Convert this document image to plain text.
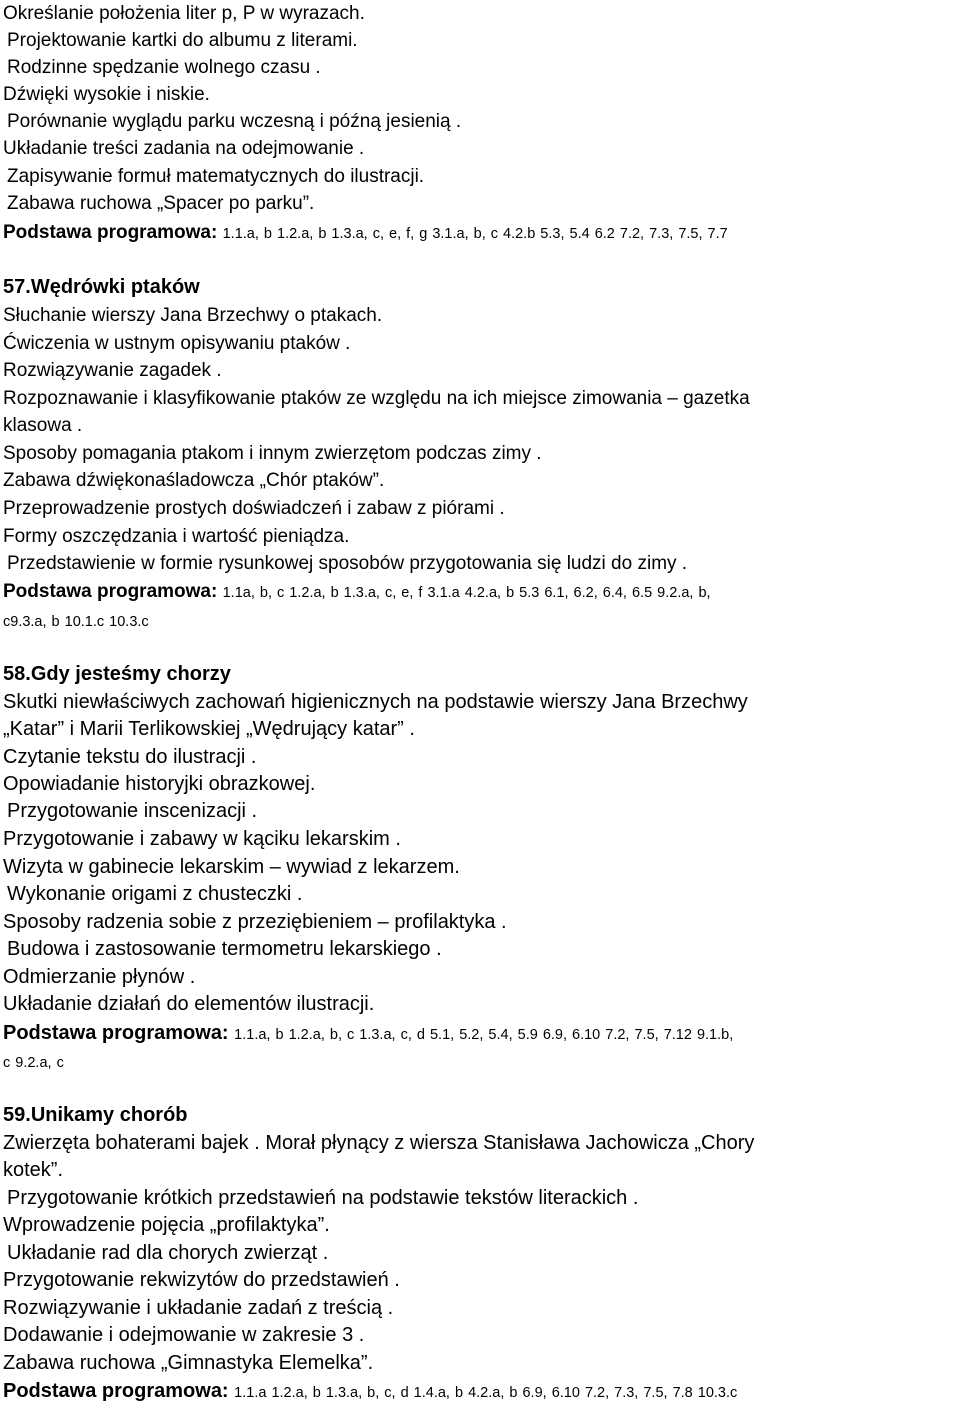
Określanie położenia liter p, P w wyrazach.
Projektowanie kartki do albumu z literami.
Rodzinne spędzanie wolnego czasu .
Dźwięki wysokie i niskie.
Porównanie wyglądu parku wczesną i późną jesienią .
Układanie treści zadania na odejmowanie .
Zapisywanie formuł matematycznych do ilustracji.
Zabawa ruchowa „Spacer po parku”.
Podstawa programowa: 1.1.a, b 1.2.a, b 1.3.a, c, e, f, g 3.1.a, b, c 4.2.b 5.3, 5.4 6.2 7.2, 7.3, 7.5, 7.7
57.Wędrówki ptaków
Słuchanie wierszy Jana Brzechwy o ptakach.
Ćwiczenia w ustnym opisywaniu ptaków .
Rozwiązywanie zagadek .
Rozpoznawanie i klasyfikowanie ptaków ze względu na ich miejsce zimowania – gazetka
klasowa .
Sposoby pomagania ptakom i innym zwierzętom podczas zimy .
Zabawa dźwiękonaśladowcza „Chór ptaków”.
Przeprowadzenie prostych doświadczeń i zabaw z piórami .
Formy oszczędzania i wartość pieniądza.
Przedstawienie w formie rysunkowej sposobów przygotowania się ludzi do zimy .
Podstawa programowa: 1.1a, b, c 1.2.a, b 1.3.a, c, e, f 3.1.a 4.2.a, b 5.3 6.1, 6.2, 6.4, 6.5 9.2.a, b,
c9.3.a, b 10.1.c 10.3.c
58.Gdy jesteśmy chorzy
Skutki niewłaściwych zachowań higienicznych na podstawie wierszy Jana Brzechwy
„Katar” i Marii Terlikowskiej „Wędrujący katar” .
Czytanie tekstu do ilustracji .
Opowiadanie historyjki obrazkowej.
Przygotowanie inscenizacji .
Przygotowanie i zabawy w kąciku lekarskim .
Wizyta w gabinecie lekarskim – wywiad z lekarzem.
Wykonanie origami z chusteczki .
Sposoby radzenia sobie z przeziębieniem – profilaktyka .
Budowa i zastosowanie termometru lekarskiego .
Odmierzanie płynów .
Układanie działań do elementów ilustracji.
Podstawa programowa: 1.1.a, b 1.2.a, b, c 1.3.a, c, d 5.1, 5.2, 5.4, 5.9 6.9, 6.10 7.2, 7.5, 7.12 9.1.b,
c 9.2.a, c
59.Unikamy chorób
Zwierzęta bohaterami bajek . Morał płynący z wiersza Stanisława Jachowicza „Chory
kotek”.
Przygotowanie krótkich przedstawień na podstawie tekstów literackich .
Wprowadzenie pojęcia „profilaktyka”.
Układanie rad dla chorych zwierząt .
Przygotowanie rekwizytów do przedstawień .
Rozwiązywanie i układanie zadań z treścią .
Dodawanie i odejmowanie w zakresie 3 .
Zabawa ruchowa „Gimnastyka Elemelka”.
Podstawa programowa: 1.1.a 1.2.a, b 1.3.a, b, c, d 1.4.a, b 4.2.a, b 6.9, 6.10 7.2, 7.3, 7.5, 7.8 10.3.c
